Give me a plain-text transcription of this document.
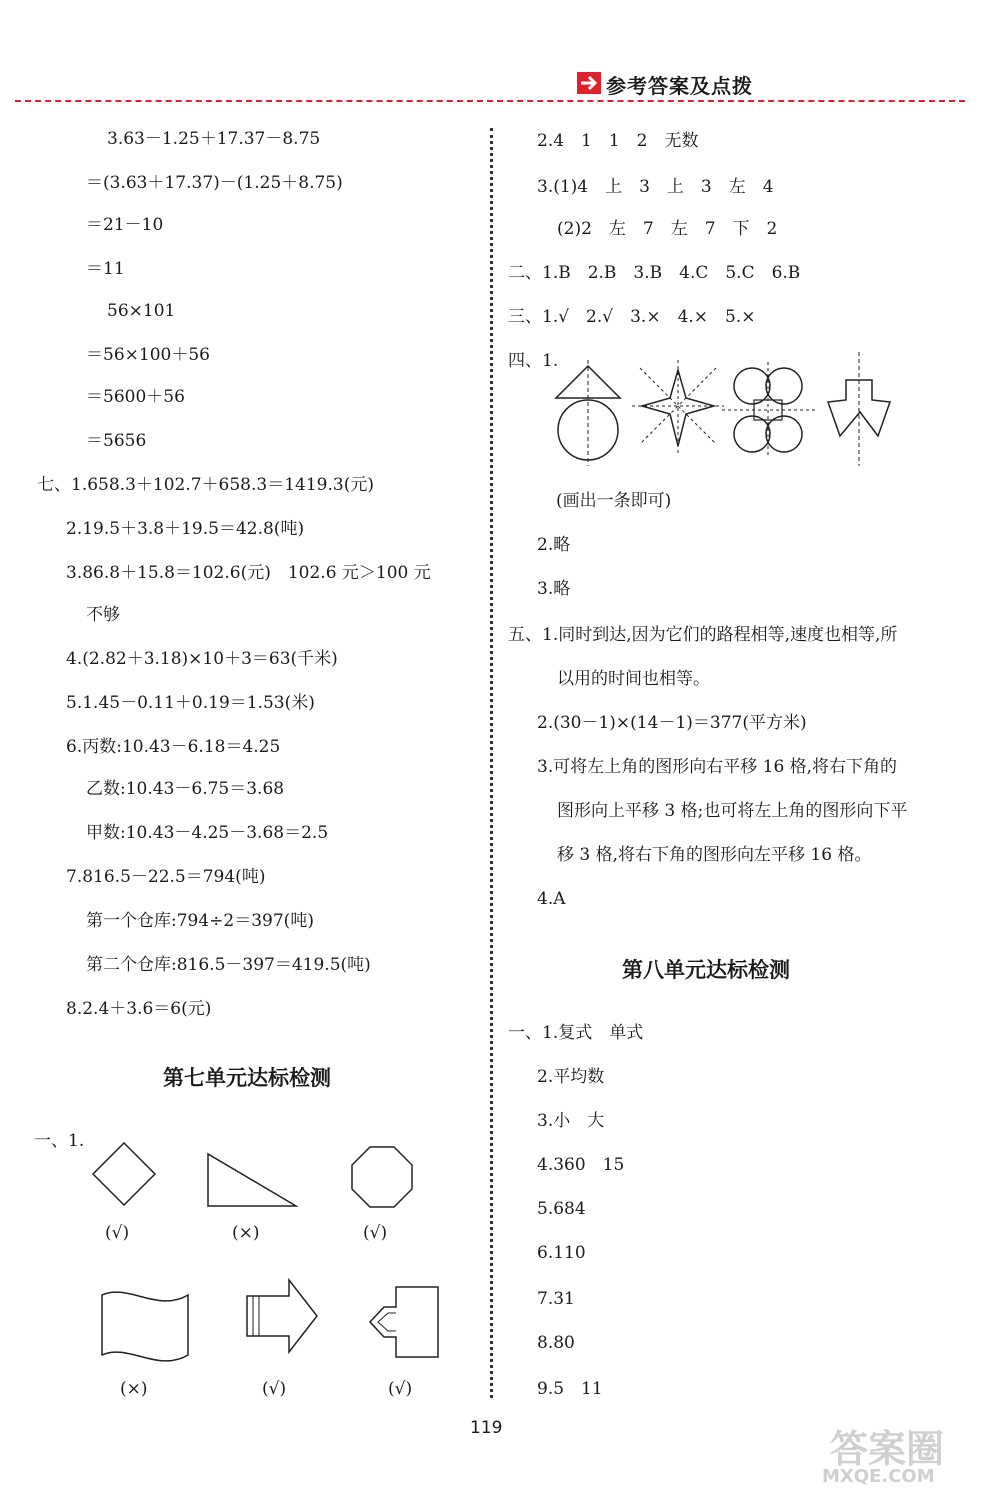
参考答案及点拨
3.63－1.25＋17.37－8.75
＝(3.63＋17.37)－(1.25＋8.75)
＝21－10
＝11
56×101
＝56×100＋56
＝5600＋56
＝5656
七、1.658.3＋102.7＋658.3＝1419.3(元)
2.19.5＋3.8＋19.5＝42.8(吨)
3.86.8＋15.8＝102.6(元)　102.6 元＞100 元
不够
4.(2.82＋3.18)×10＋3＝63(千米)
5.1.45－0.11＋0.19＝1.53(米)
6.丙数:10.43－6.18＝4.25
乙数:10.43－6.75＝3.68
甲数:10.43－4.25－3.68＝2.5
7.816.5－22.5＝794(吨)
第一个仓库:794÷2＝397(吨)
第二个仓库:816.5－397＝419.5(吨)
8.2.4＋3.6＝6(元)
第七单元达标检测
一、1.
(√)	(×)	(√)
(×)	(√)	(√)
2.4　1　1　2　无数
3.(1)4　上　3　上　3　左　4
(2)2　左　7　左　7　下　2
二、1.B　2.B　3.B　4.C　5.C　6.B
三、1.√　2.√　3.×　4.×　5.×
四、1.
(画出一条即可)
2.略
3.略
五、1.同时到达,因为它们的路程相等,速度也相等,所
以用的时间也相等。
2.(30－1)×(14－1)＝377(平方米)
3.可将左上角的图形向右平移 16 格,将右下角的
图形向上平移 3 格;也可将左上角的图形向下平
移 3 格,将右下角的图形向左平移 16 格。
4.A
第八单元达标检测
一、1.复式　单式
2.平均数
3.小　大
4.360　15
5.684
6.110
7.31
8.80
9.5　11
119	答案圈
MXQE.COM
